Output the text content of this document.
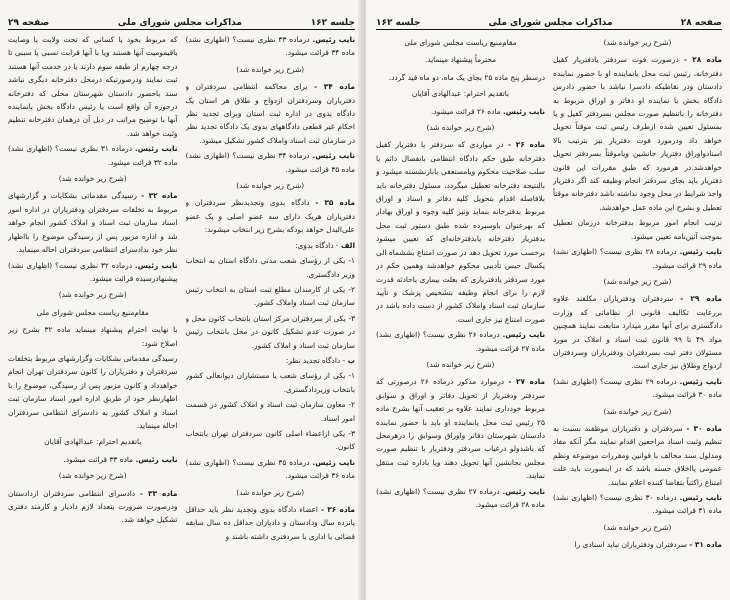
صفحه ۲۹	مذاکرات مجلس شورای ملی	جلسه ۱۶۲

نایب رئیس. درماده ۳۳ نظری نیست؟ (اظهاری نشد) ماده ۳۴ قرائت میشود.

(شرح زیر خوانده شد)

ماده ۳۴ - برای محاکمه انتظامی سردفتران و دفتریاران وسردفتران ازدواج و طلاق هر استان یک دادگاه بدوی در اداره ثبت استان وبرای تجدید نظر احکام غیر قطعی دادگاههای بدوی یک دادگاه تجدید نظر در سازمان ثبت اسناد واملاک کشور تشکیل میشود.

نایب رئیس. درماده ۳۴ نظری نیست؟ (اظهاری نشد) ماده ۳۵ قرائت میشود.

(شرح زیر خوانده شد)

ماده ۳۵ - دادگاه بدوی وتجدیدنظر سردفتران و دفتریاران هریک دارای سه عضو اصلی و یک عضو علی‌البدل خواهد بودکه بشرح زیر انتخاب میشوند:

الف - دادگاه بدوی:

۱- یکی از رؤسای شعب مدنی دادگاه استان به انتخاب وزیر دادگستری.

۲- یکی از کارمندان مطلع ثبت استان به انتخاب رئیس سازمان ثبت اسناد واملاک کشور.

۳- یکی از سردفتران مرکز استان بانتخاب کانون محل و در صورت عدم تشکیل کانون در محل بانتخاب رئیس سازمان ثبت اسناد و املاک کشور.

ب - دادگاه تجدید نظر:

۱- یکی از رؤسای شعب یا مستشاران دیوانعالی کشور بانتخاب وزیردادگستری.

۲- معاون سازمان ثبت اسناد و املاک کشور در قسمت امور اسناد.

۳- یکی ازاعضاء اصلی کانون سردفتران تهران بانتخاب کانون.

نایب رئیس. درماده ۳۵ نظری نیست؟ (اظهاری نشد) ماده ۳۶ قرائت میشود.

(شرح زیر خوانده شد)

ماده ۳۶ - اعضاء دادگاه بدوی وتجدید نظر باید حداقل پانزده سال ودادستان و دادیاران حداقل ده سال سابقه قضائی یا اداری یا سردفتری داشته باشند و

که مربوط بخود یا کسانی که تحت ولایت یا وصایت یاقیمومیت آنها هستند ویا با آنها قرابت نسبی یا سببی تا درجه چهارم از طبقه سوم دارند یا در خدمت آنها هستند ثبت نمایند ودرصورتیکه درمحل دفترخانه دیگری نباشد سند باحضور دادستان شهرستان محلی که دفترخانه درحوزه آن واقع است یا رئیس دادگاه بخش یانماینده آنها با توضیح مراتب در ذیل آن درهمان دفترخانه تنظیم وثبت خواهد شد.

نایب رئیس. درماده ۳۱ نظری نیست؟ (اظهاری نشد) ماده ۳۲ قرائت میشود.

(شرح زیر خوانده شد)

ماده ۳۲ - رسیدگی مقدماتی بشکایات و گزارشهای مربوط به تخلفات سردفتران ودفتریاران در اداره امور اسناد سازمان ثبت اسناد و املاک کشور انجام خواهد شد و اداره مزبور پس از رسیدگی موضوع را بااظهار نظر خود بدادسرای انتظامی سردفتران احاله مینماید.

نایب رئیس. درماده ۳۲ نظری نیست؟ (اظهاری نشد) پیشنهادرسیده قرائت میشود.

(شرح زیر خوانده شد)

مقام‌منیع ریاست مجلس شورای ملی

با نهایت احترام پیشنهاد مینماید ماده ۳۲ بشرح زیر اصلاح شود:

رسیدگی مقدماتی بشکایات وگزارشهای مربوط بتخلفات سردفتران و دفتریاران را کانون سردفتران تهران انجام خواهدداد و کانون مزبور پس از رسیدگی، موضوع را با اظهارنظر خود از طریق اداره امور اسناد سازمان ثبت اسناد و املاک کشور به دادسرای انتظامی سردفتران احاله مینماید.

باتقدیم احترام: عبدالهادی آقایان

نایب رئیس. ماده ۳۳ قرائت میشود.

(شرح زیر خوانده شد)

ماده ۳۳ - دادسرای انتظامی سردفتران ازدادستان ودرصورت ضرورت بتعداد لازم دادیار و کارمند دفتری تشکیل خواهد شد.

جلسه ۱۶۲	مذاکرات مجلس شورای ملی	صفحه ۲۸

(شرح زیر خوانده شد)

ماده ۲۸ - درصورت فوت سردفتر یادفتریار کفیل دفترخانه، رئیس ثبت محل یانماینده او با حضور نماینده دادستان ودر نقاطیکه دادسرا نباشد با حضور دادرس دادگاه بخش یا نماینده او دفاتر و اوراق مربوط به دفترخانه را باتنظیم صورت مجلس بسردفتر کفیل و یا بمسئول تعیین شده ازطرف رئیس ثبت موقتاً تحویل خواهد داد ودرمورد فوت دفتریار نیز بترتیب بالا اسنادواوراق دفتریار جانشین ویاموقتاً بسردفتر تحویل خواهدشد.در هرمورد که طبق مقررات این قانون دفتریار باید بجای سردفتر انجام وظیفه کند اگر دفتریار واجد شرایط در محل وجود نداشته باشد دفترخانه موقتاً تعطیل و بشرح این ماده عمل خواهدشد.

ترتیب انجام امور مربوط بدفترخانه درزمان تعطیل بموجب آئین‌نامه تعیین میشود.

نایب رئیس. درماده ۲۸ نظری نیست؟ (اظهاری نشد) ماده ۲۹ قرائت میشود.

(شرح زیر خوانده شد)

ماده ۲۹ - سردفتران ودفتریاران مکلفند علاوه بررعایت تکالیف قانونی از نظاماتی که وزارت دادگستری برای آنها مقرر میدارد متابعت نمایند همچنین مواد ۴۹ تا ۹۹ قانون ثبت اسناد و املاک در مورد مسئولان دفتر ثبت بسردفتران ودفتریاران وسردفتران ازدواج وطلاق نیز جاری است.

نایب رئیس. درماده ۲۹ نظری نیست؟ (اظهاری نشد) ماده ۳۰ قرائت میشود.

(شرح زیر خوانده شد)

ماده ۳۰ - سردفتران و دفتریاران موظفند نسبت به تنظیم وثبت اسناد مراجعین اقدام نمایند مگر آنکه مفاد ومدلول سند مخالف با قوانین ومقررات موضوعه ونظم عمومی یااخلاق حسنه باشد که در اینصورت باید علت امتناع راکتباً بتقاضا کننده اعلام نمایند.

نایب رئیس. درماده ۳۰ نظری نیست؟ (اظهاری نشد) ماده ۳۱ قرائت میشود.

(شرح زیر خوانده شد)

ماده ۳۱ - سردفتران ودفتریاران نباید اسنادی را

مقام‌منیع ریاست مجلس شورای ملی

محترماً پیشنهاد مینماید.

درسطر پنج ماده ۲۵ بجای یک ماه، دو ماه قید گردد.

باتقدیم احترام: عبدالهادی آقایان

نایب رئیس. ماده ۲۶ قرائت میشود.

(شرح زیر خوانده شد)

ماده ۲۶ - در مواردی که سردفتر یا دفتریار کفیل دفترخانه طبق حکم دادگاه انتظامی بانفصال دائم یا سلب صلاحیت محکوم ویامستعفی یابازنشسته میشود و بالنتیجه دفترخانه تعطیل میگردد، مسئول دفترخانه باید بلافاصله اقدام بتحویل کلیه دفاتر و اسناد و اوراق مربوط بدفترخانه بنماید ونیز کلیه وجوه و اوراق بهادار که بهرعنوان باوسپرده شده طبق دستور ثبت محل بدفتریار دفترخانه یابدفترخانه‌ای که تعیین میشود برحسب مورد تحویل دهد در صورت امتناع بششماه الی یکسال حبس تأدیبی محکوم خواهدشد وهمین حکم در مورد سردفتر یادفتریاری که بعلت بیماری یاحادثه قدرت لازم را برای انجام وظیفه بتشخیص پزشک و تأیید سازمان ثبت اسناد واملاک کشور از دست داده باشد در صورت امتناع نیز جاری است.

نایب رئیس. درماده ۲۶ نظری نیست؟ (اظهاری نشد) ماده ۲۷ قرائت میشود.

(شرح زیر خوانده شد)

ماده ۲۷ - درموارد مذکور درماده ۲۶ درصورتی که سردفتر ودفتریار از تحویل دفاتر و اوراق و سوابق مربوط خودداری نمایند علاوه بر تعقیب آنها بشرح ماده ۲۵ رئیس ثبت محل یانماینده او باید با حضور نماینده دادستان شهرستان دفاتر واوراق وسوابق را درهرمحل که باشدولو درغیاب سردفتر ودفتریار با تنظیم صورت مجلس بجانشین آنها تحویل دهند ویا باداره ثبت منتقل نمایند.

نایب رئیس. درماده ۲۷ نظری نیست؟ (اظهاری نشد) ماده ۲۸ قرائت میشود.
